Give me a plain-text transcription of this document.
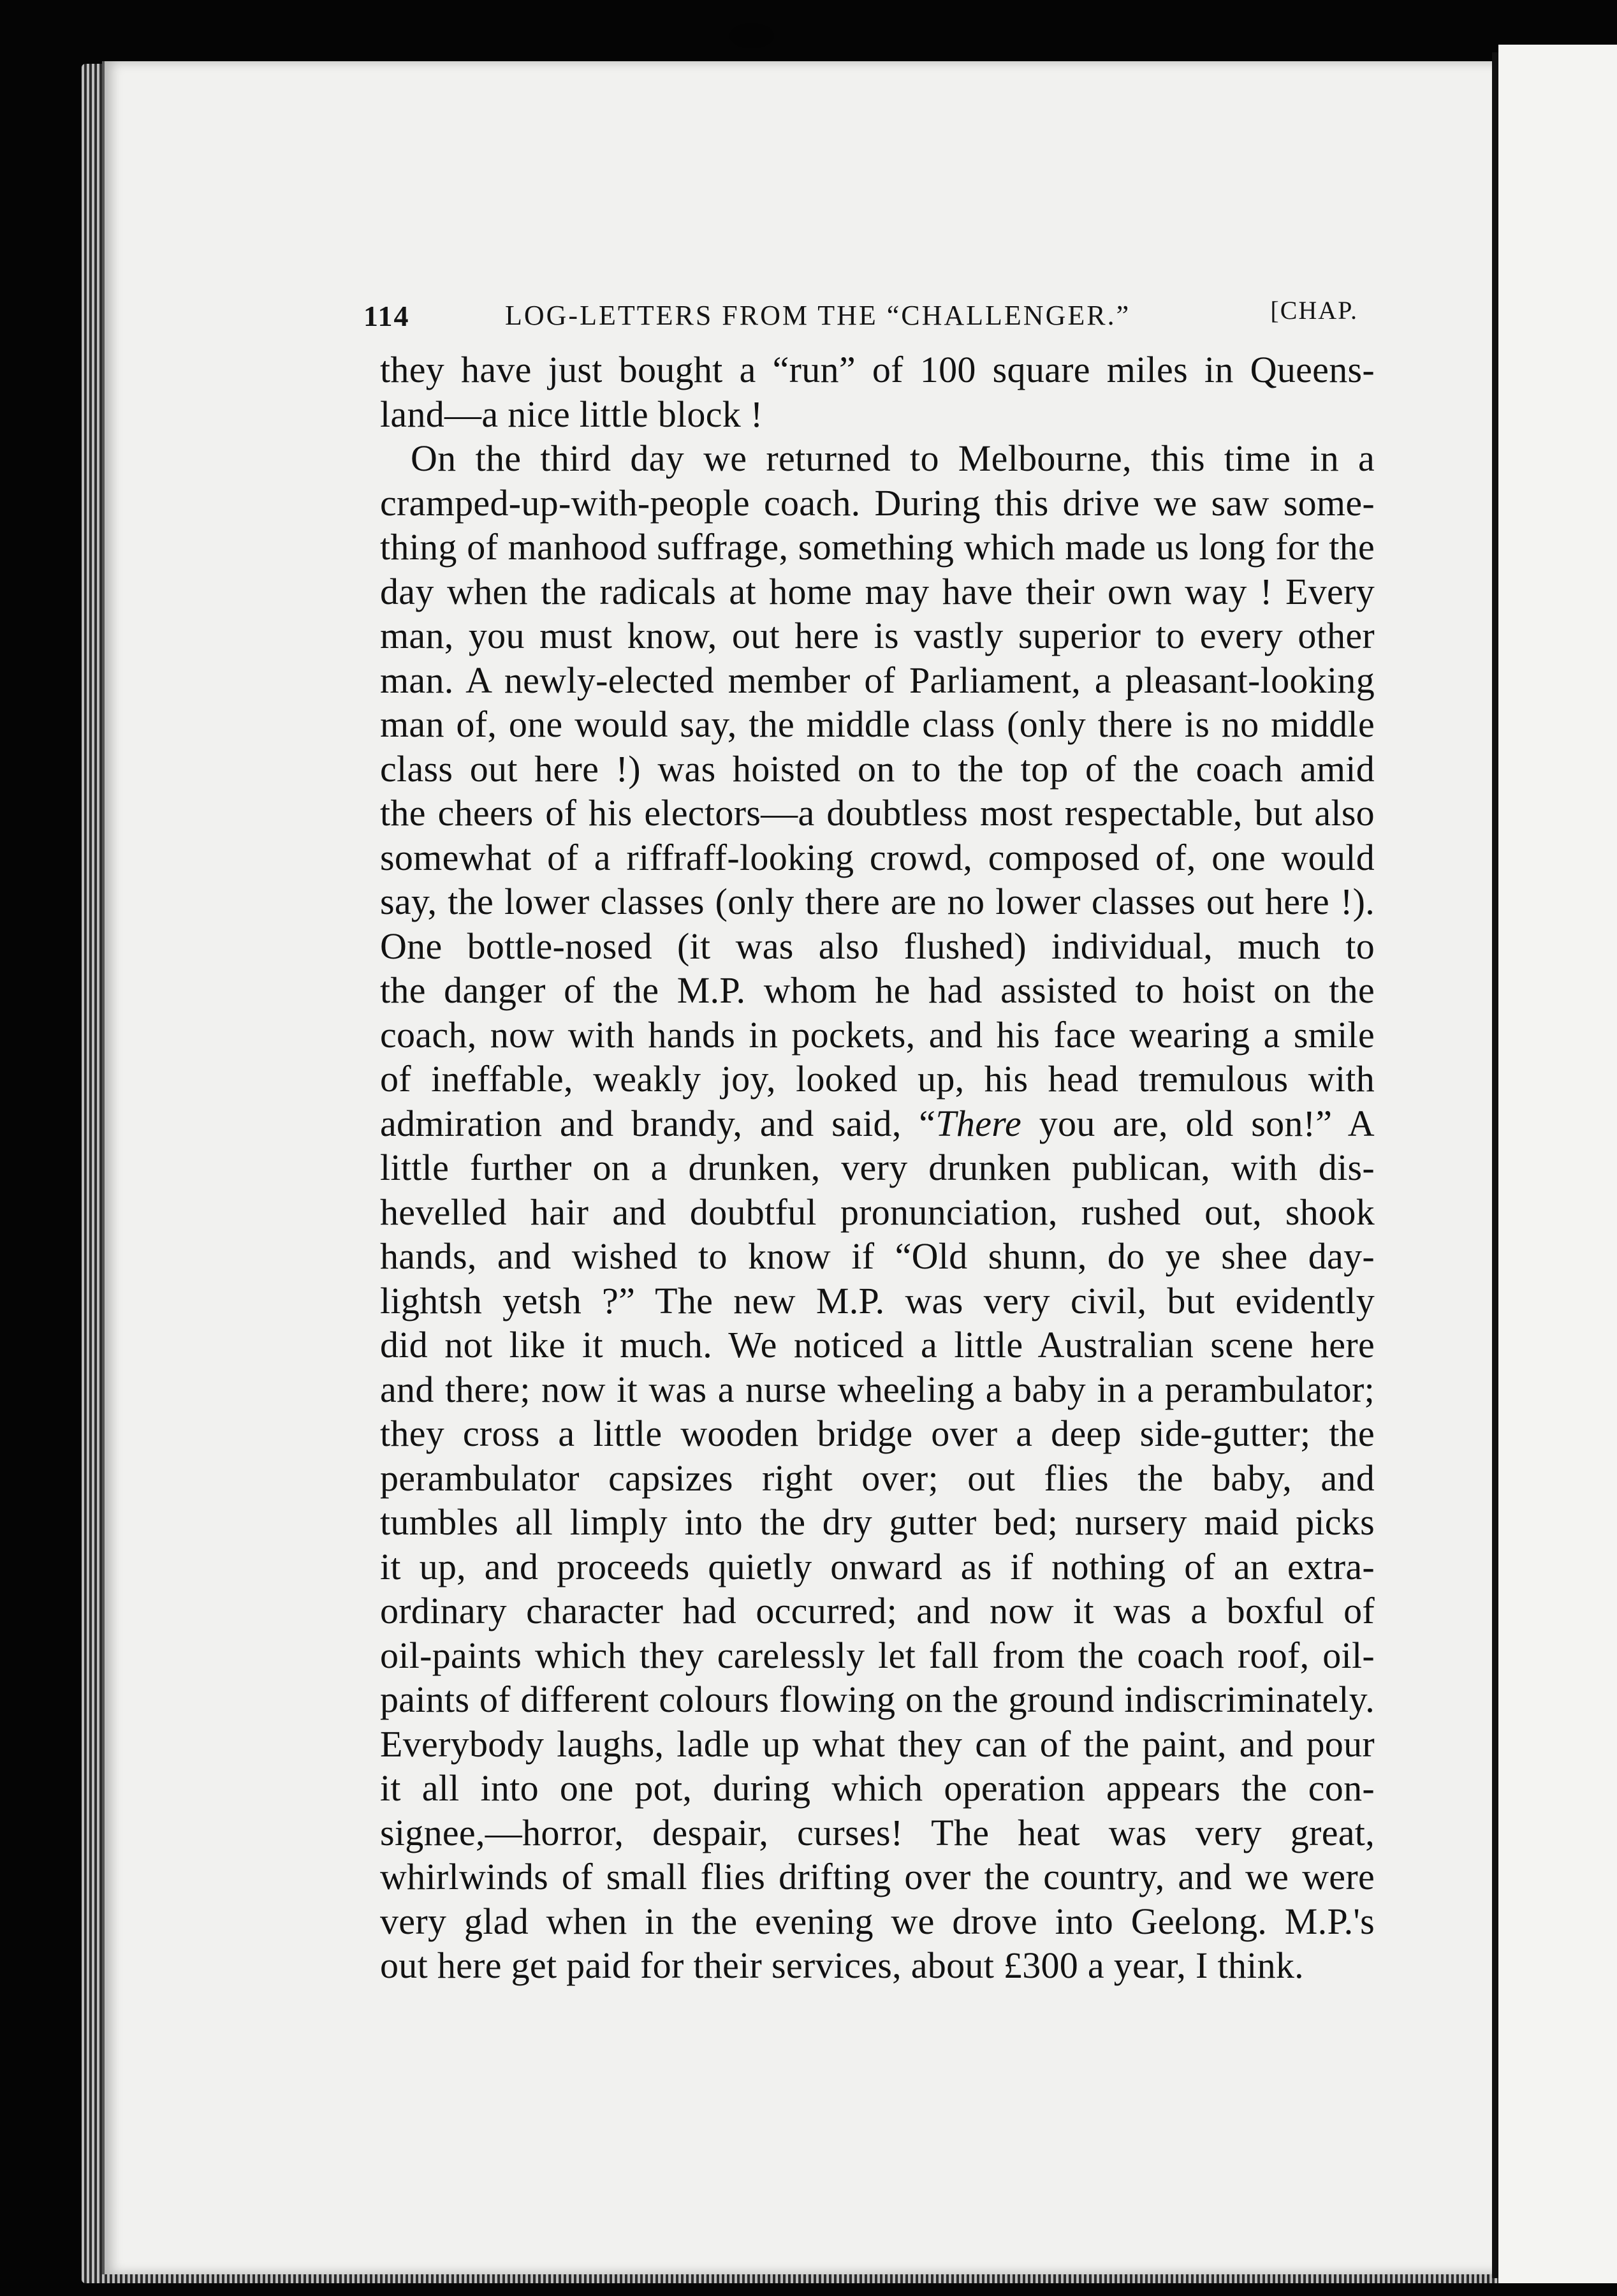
114	LOG-LETTERS FROM THE “CHALLENGER.”	[CHAP.
they have just bought a “run” of 100 square miles in Queens-
land—a nice little block !
On the third day we returned to Melbourne, this time in a
cramped-up-with-people coach. During this drive we saw some-
thing of manhood suffrage, something which made us long for the
day when the radicals at home may have their own way ! Every
man, you must know, out here is vastly superior to every other
man. A newly-elected member of Parliament, a pleasant-looking
man of, one would say, the middle class (only there is no middle
class out here !) was hoisted on to the top of the coach amid
the cheers of his electors—a doubtless most respectable, but also
somewhat of a riffraff-looking crowd, composed of, one would
say, the lower classes (only there are no lower classes out here !).
One bottle-nosed (it was also flushed) individual, much to
the danger of the M.P. whom he had assisted to hoist on the
coach, now with hands in pockets, and his face wearing a smile
of ineffable, weakly joy, looked up, his head tremulous with
admiration and brandy, and said, “There you are, old son!” A
little further on a drunken, very drunken publican, with dis-
hevelled hair and doubtful pronunciation, rushed out, shook
hands, and wished to know if “Old shunn, do ye shee day-
lightsh yetsh ?” The new M.P. was very civil, but evidently
did not like it much. We noticed a little Australian scene here
and there; now it was a nurse wheeling a baby in a perambulator;
they cross a little wooden bridge over a deep side-gutter; the
perambulator capsizes right over; out flies the baby, and
tumbles all limply into the dry gutter bed; nursery maid picks
it up, and proceeds quietly onward as if nothing of an extra-
ordinary character had occurred; and now it was a boxful of
oil-paints which they carelessly let fall from the coach roof, oil-
paints of different colours flowing on the ground indiscriminately.
Everybody laughs, ladle up what they can of the paint, and pour
it all into one pot, during which operation appears the con-
signee,—horror, despair, curses! The heat was very great,
whirlwinds of small flies drifting over the country, and we were
very glad when in the evening we drove into Geelong. M.P.'s
out here get paid for their services, about £300 a year, I think.
